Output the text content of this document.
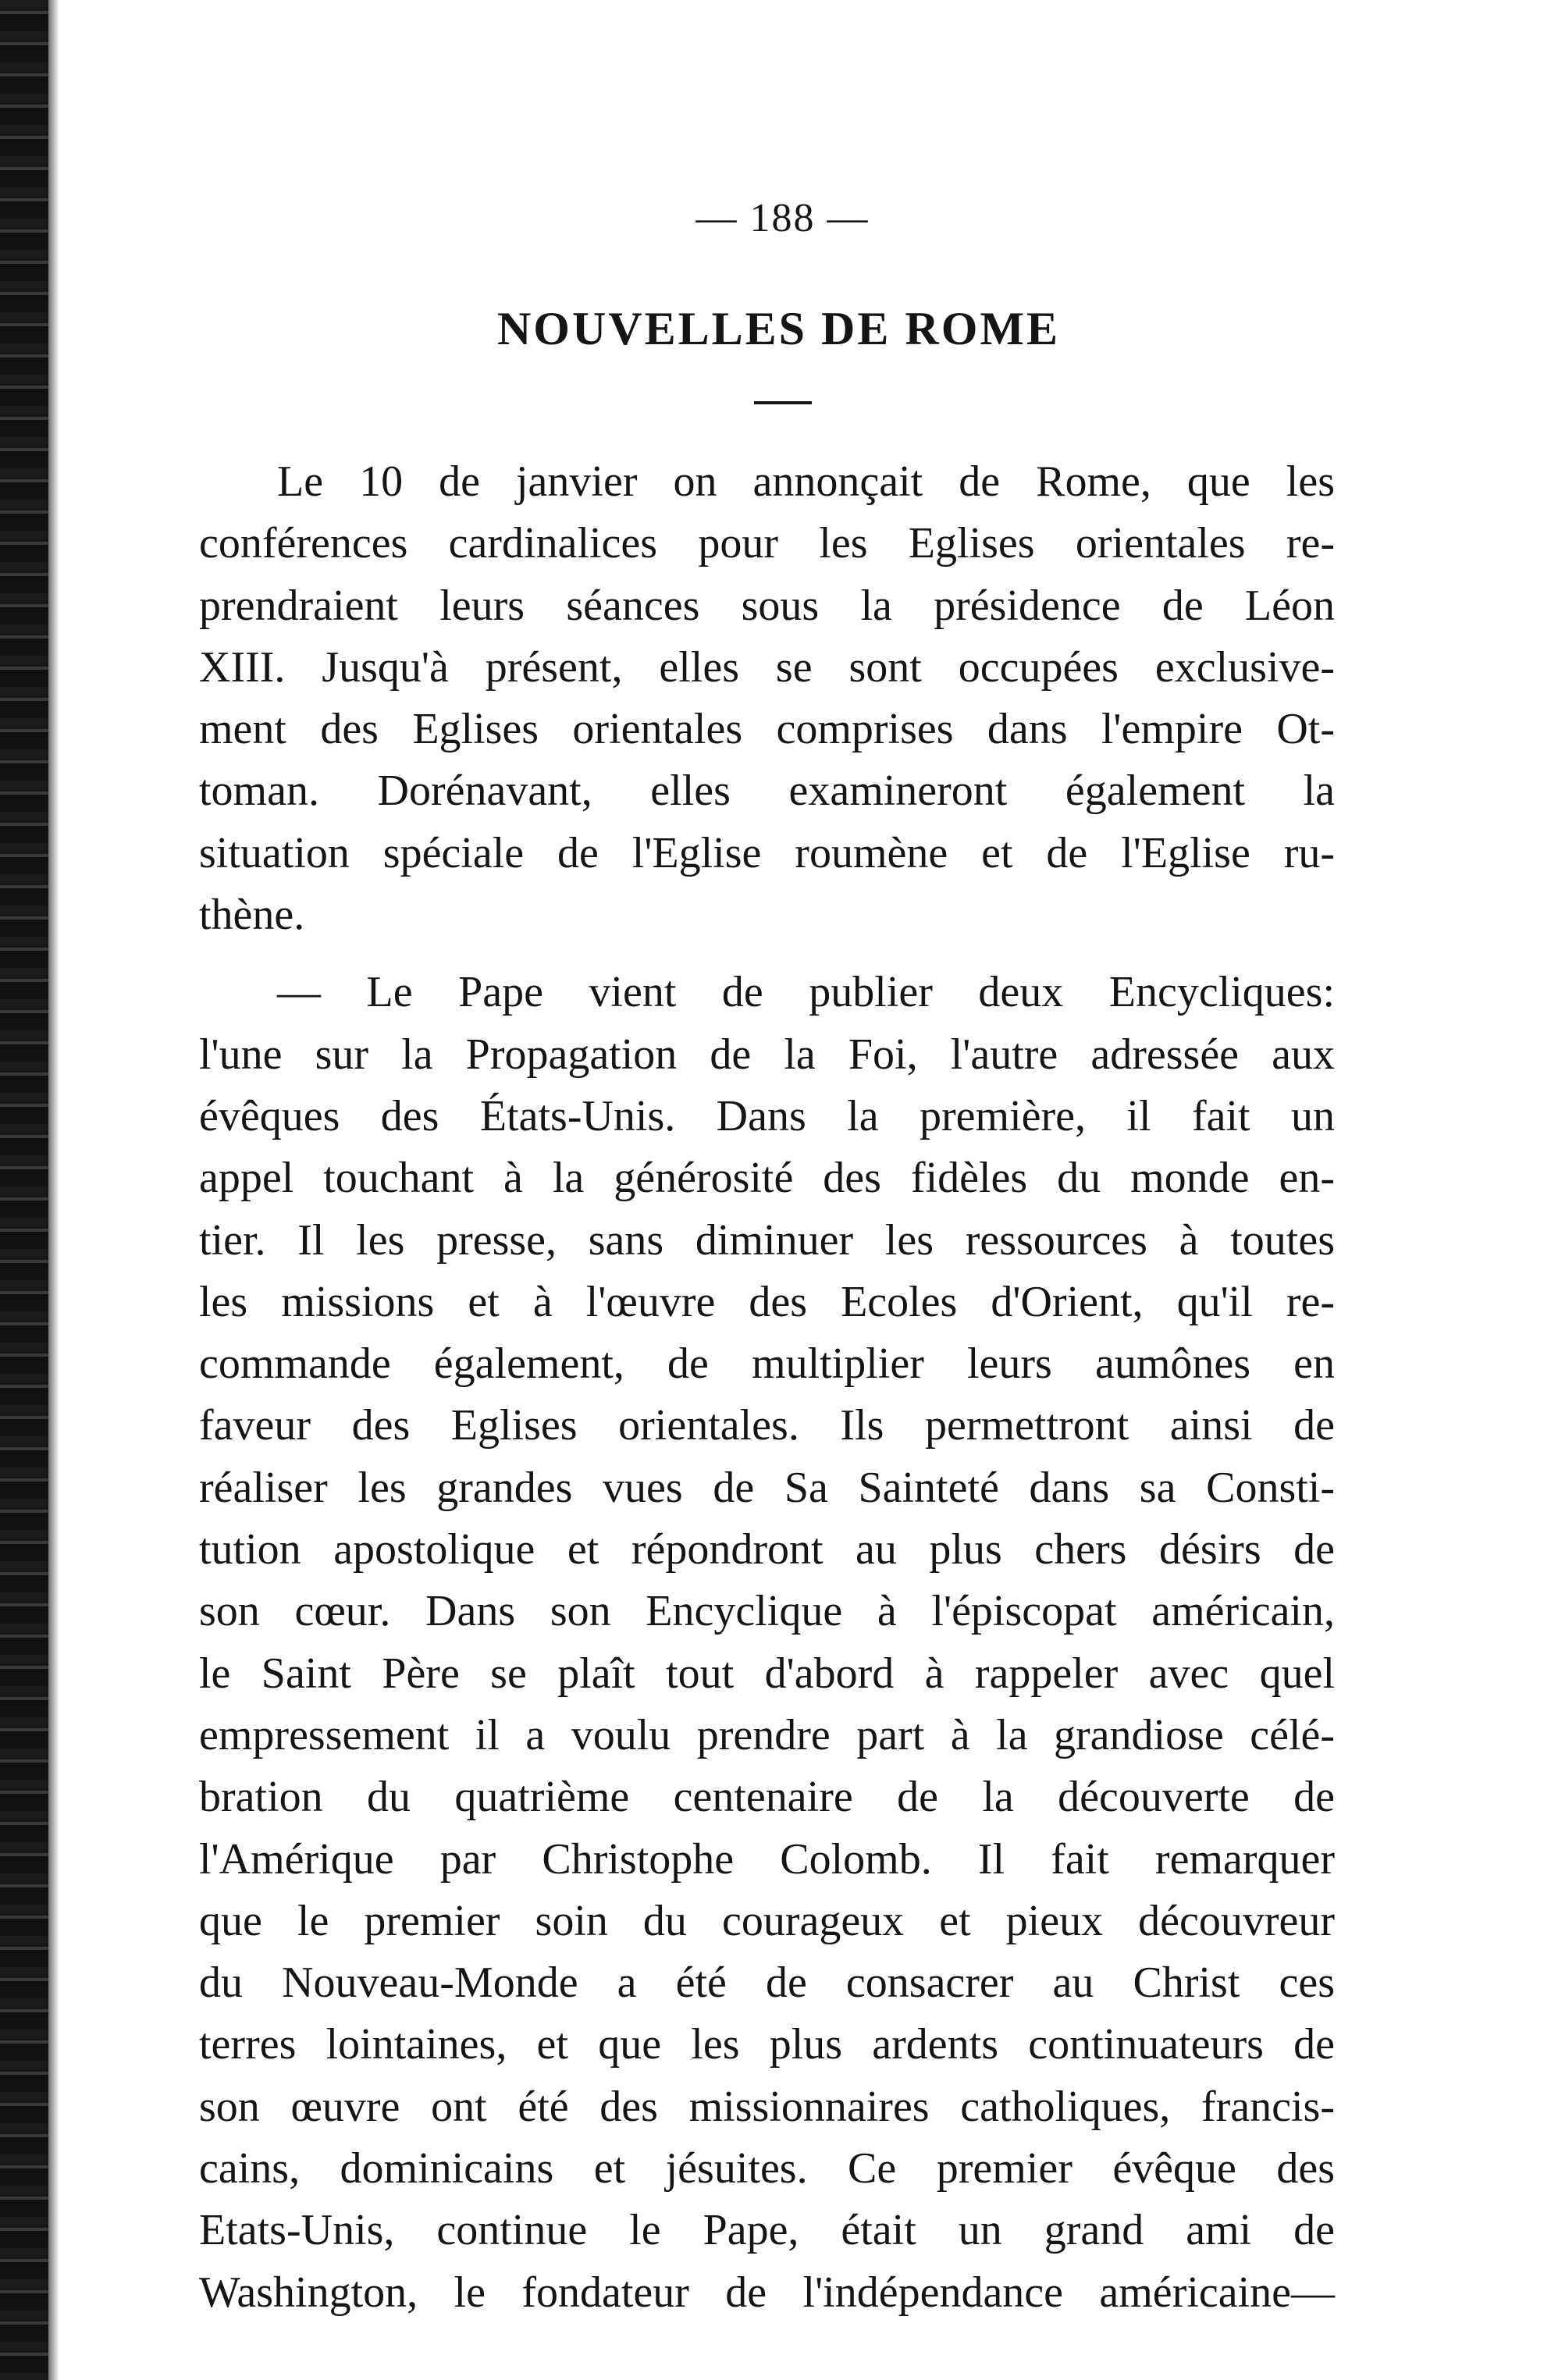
— 188 —
NOUVELLES DE ROME
Le 10 de janvier on annonçait de Rome, que les
conférences cardinalices pour les Eglises orientales re-
prendraient leurs séances sous la présidence de Léon
XIII. Jusqu'à présent, elles se sont occupées exclusive-
ment des Eglises orientales comprises dans l'empire Ot-
toman. Dorénavant, elles examineront également la
situation spéciale de l'Eglise roumène et de l'Eglise ru-
thène.
— Le Pape vient de publier deux Encycliques:
l'une sur la Propagation de la Foi, l'autre adressée aux
évêques des États-Unis. Dans la première, il fait un
appel touchant à la générosité des fidèles du monde en-
tier. Il les presse, sans diminuer les ressources à toutes
les missions et à l'œuvre des Ecoles d'Orient, qu'il re-
commande également, de multiplier leurs aumônes en
faveur des Eglises orientales. Ils permettront ainsi de
réaliser les grandes vues de Sa Sainteté dans sa Consti-
tution apostolique et répondront au plus chers désirs de
son cœur. Dans son Encyclique à l'épiscopat américain,
le Saint Père se plaît tout d'abord à rappeler avec quel
empressement il a voulu prendre part à la grandiose célé-
bration du quatrième centenaire de la découverte de
l'Amérique par Christophe Colomb. Il fait remarquer
que le premier soin du courageux et pieux découvreur
du Nouveau-Monde a été de consacrer au Christ ces
terres lointaines, et que les plus ardents continuateurs de
son œuvre ont été des missionnaires catholiques, francis-
cains, dominicains et jésuites. Ce premier évêque des
Etats-Unis, continue le Pape, était un grand ami de
Washington, le fondateur de l'indépendance américaine—
